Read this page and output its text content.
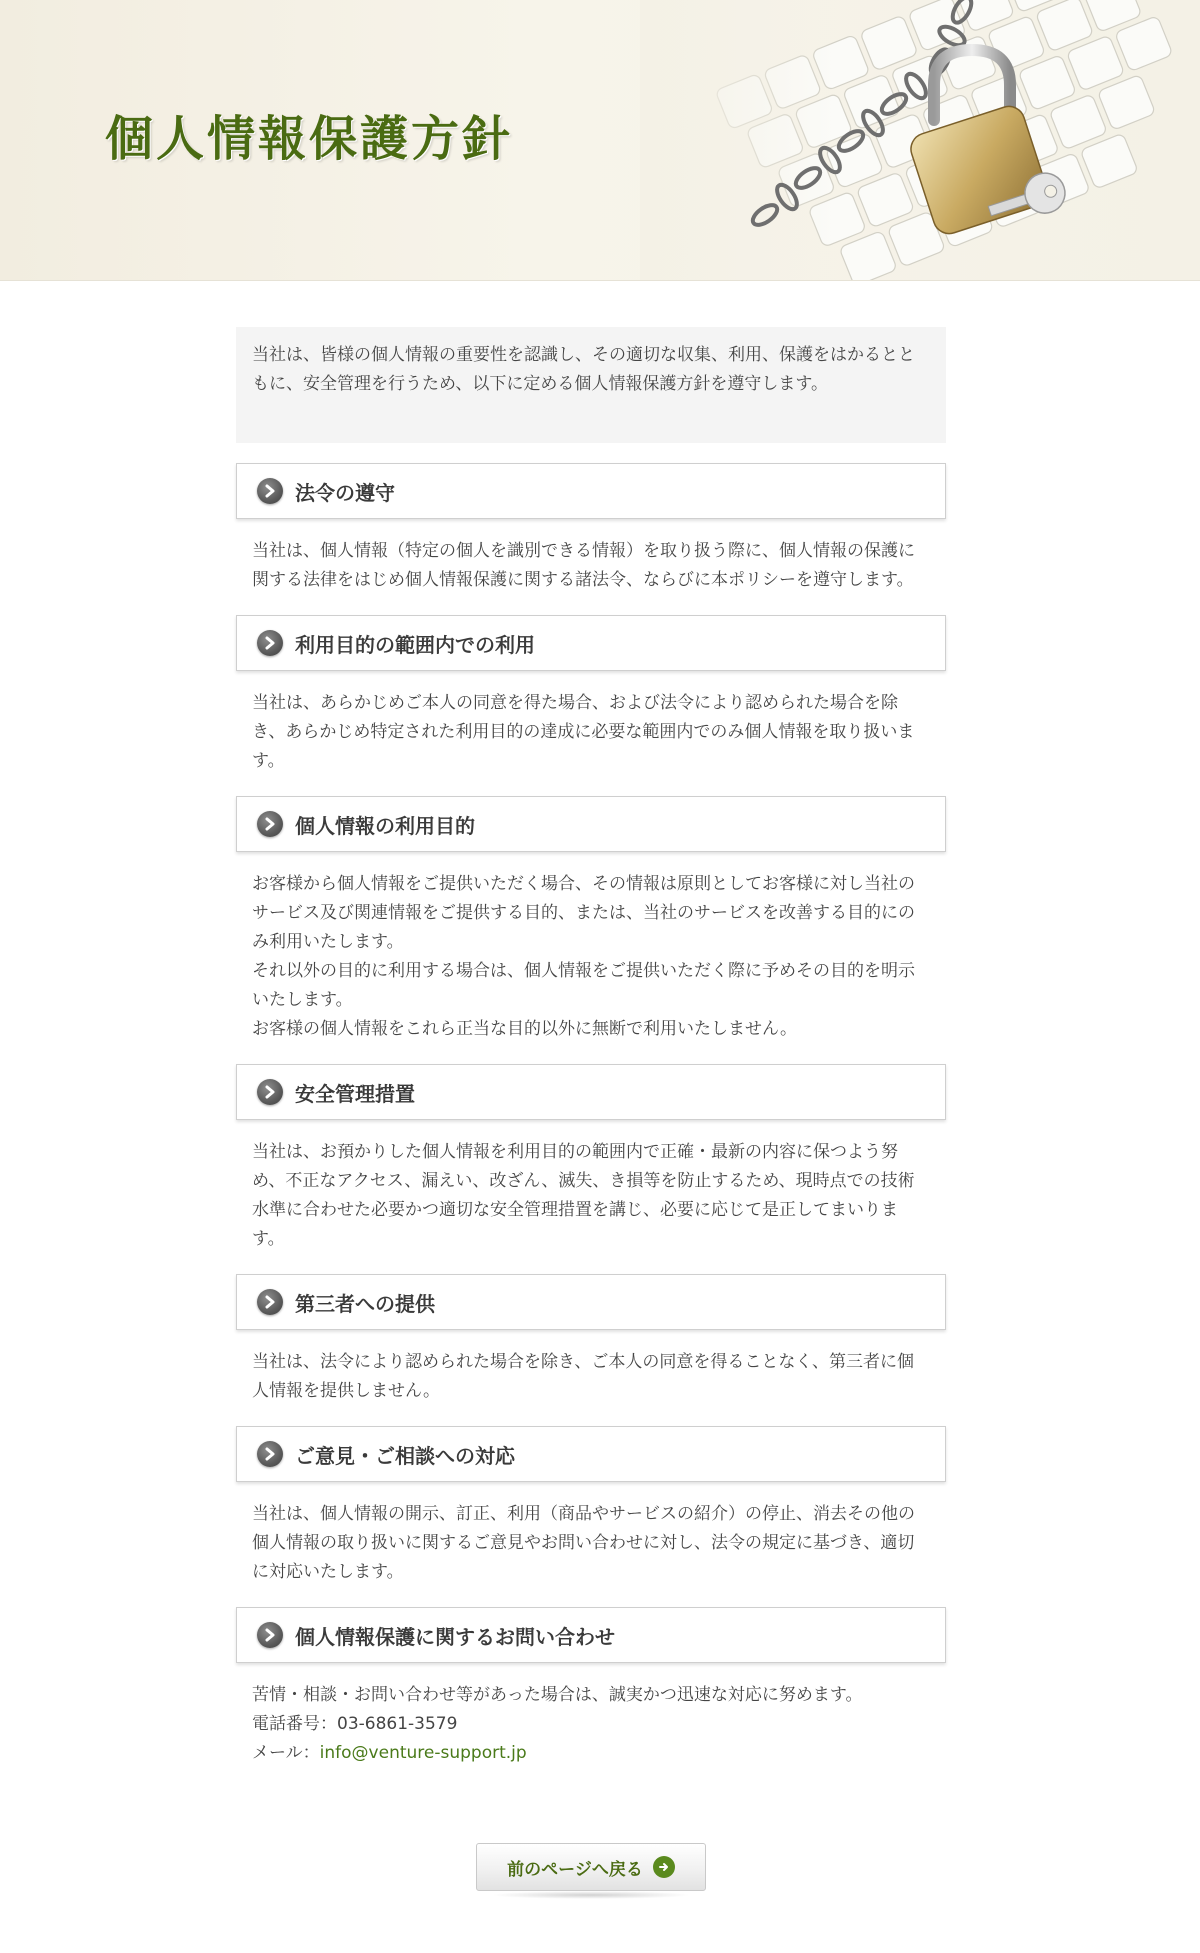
個人情報保護方針
当社は、皆様の個人情報の重要性を認識し、その適切な収集、利用、保護をはかるとともに、安全管理を行うため、以下に定める個人情報保護方針を遵守します。
法令の遵守

当社は、個人情報（特定の個人を識別できる情報）を取り扱う際に、個人情報の保護に関する法律をはじめ個人情報保護に関する諸法令、ならびに本ポリシーを遵守します。

利用目的の範囲内での利用

当社は、あらかじめご本人の同意を得た場合、および法令により認められた場合を除き、あらかじめ特定された利用目的の達成に必要な範囲内でのみ個人情報を取り扱います。

個人情報の利用目的

お客様から個人情報をご提供いただく場合、その情報は原則としてお客様に対し当社のサービス及び関連情報をご提供する目的、または、当社のサービスを改善する目的にのみ利用いたします。

それ以外の目的に利用する場合は、個人情報をご提供いただく際に予めその目的を明示いたします。

お客様の個人情報をこれら正当な目的以外に無断で利用いたしません。

安全管理措置

当社は、お預かりした個人情報を利用目的の範囲内で正確・最新の内容に保つよう努め、不正なアクセス、漏えい、改ざん、滅失、き損等を防止するため、現時点での技術水準に合わせた必要かつ適切な安全管理措置を講じ、必要に応じて是正してまいります。

第三者への提供

当社は、法令により認められた場合を除き、ご本人の同意を得ることなく、第三者に個人情報を提供しません。

ご意見・ご相談への対応

当社は、個人情報の開示、訂正、利用（商品やサービスの紹介）の停止、消去その他の個人情報の取り扱いに関するご意見やお問い合わせに対し、法令の規定に基づき、適切に対応いたします。

個人情報保護に関するお問い合わせ

苦情・相談・お問い合わせ等があった場合は、誠実かつ迅速な対応に努めます。

電話番号：03-6861-3579

メール：info@venture-support.jp

前のページへ戻る
